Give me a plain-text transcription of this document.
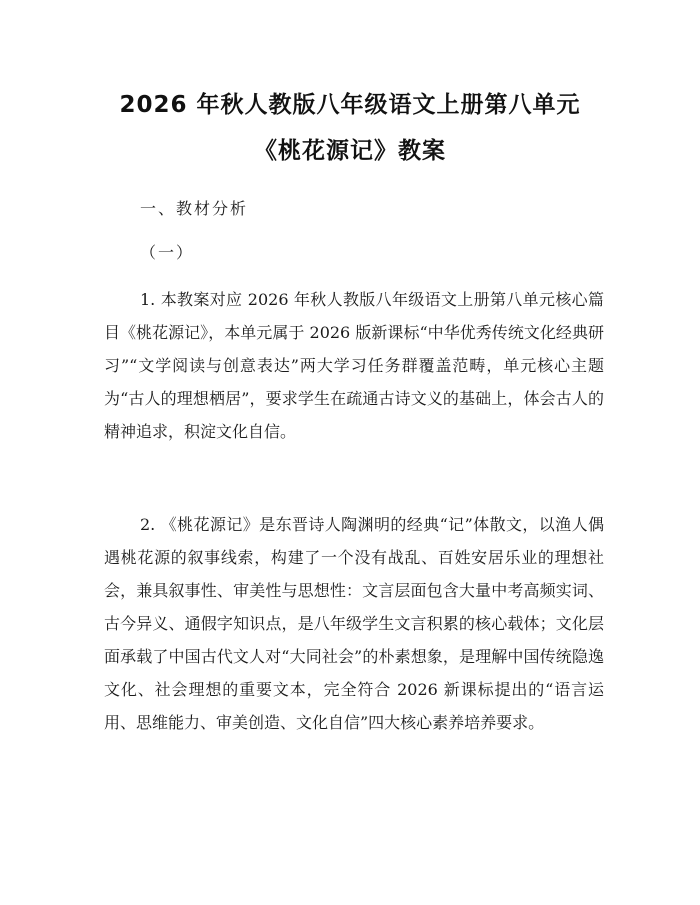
2026 年秋人教版八年级语文上册第八单元
《桃花源记》教案
一、教材分析
（一）

1. 本教案对应 2026 年秋人教版八年级语文上册第八单元核心篇目《桃花源记》，本单元属于 2026 版新课标“中华优秀传统文化经典研习”“文学阅读与创意表达”两大学习任务群覆盖范畴，单元核心主题为“古人的理想栖居”，要求学生在疏通古诗文义的基础上，体会古人的精神追求，积淀文化自信。

2. 《桃花源记》是东晋诗人陶渊明的经典“记”体散文，以渔人偶遇桃花源的叙事线索，构建了一个没有战乱、百姓安居乐业的理想社会，兼具叙事性、审美性与思想性：文言层面包含大量中考高频实词、古今异义、通假字知识点，是八年级学生文言积累的核心载体；文化层面承载了中国古代文人对“大同社会”的朴素想象，是理解中国传统隐逸文化、社会理想的重要文本，完全符合 2026 新课标提出的“语言运用、思维能力、审美创造、文化自信”四大核心素养培养要求。
